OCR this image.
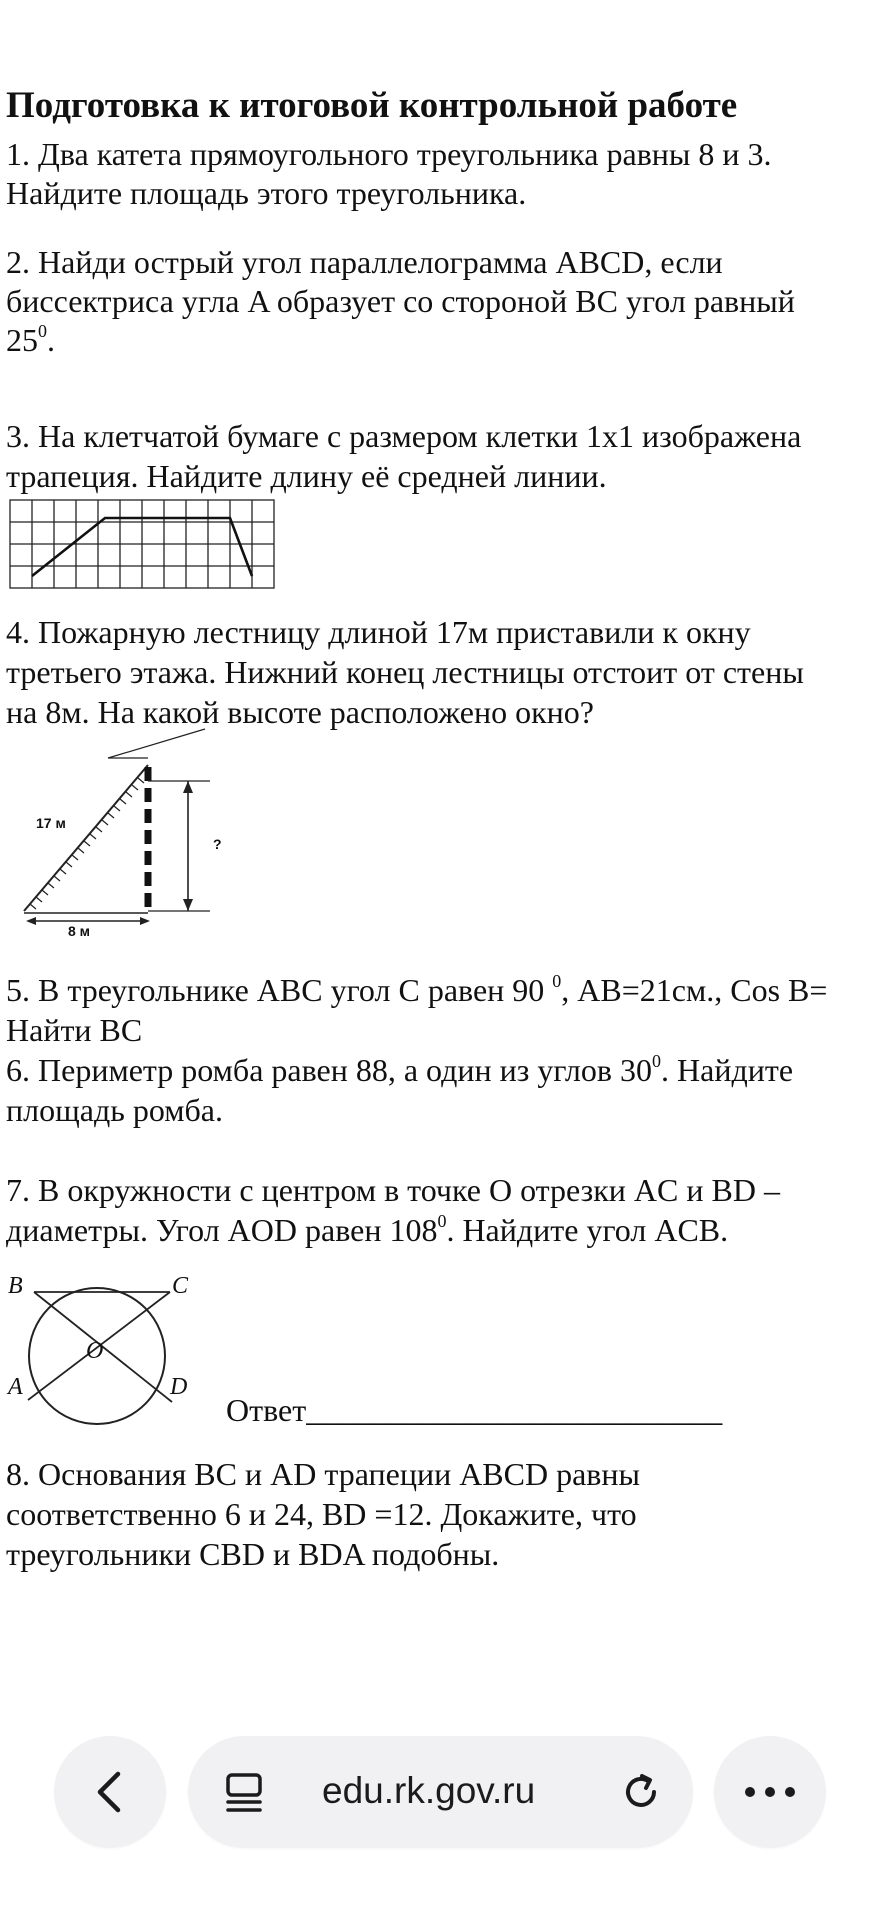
Подготовка к итоговой контрольной работе
1. Два катета прямоугольного треугольника равны 8 и 3.
Найдите площадь этого треугольника.
2. Найди острый угол параллелограмма ABCD, если
биссектриса угла A образует со стороной BC угол равный
$25^0$.
3. На клетчатой бумаге с размером клетки 1x1 изображена
трапеция. Найдите длину её средней линии.
4. Пожарную лестницу длиной 17м приставили к окну
третьего этажа. Нижний конец лестницы отстоит от стены
на 8м. На какой высоте расположено окно?
17 м
8 м
?
5. В треугольнике ABC угол C равен 90 $^0$, AB=21см., Cos B=
Найти BC
6. Периметр ромба равен 88, а один из углов $30^0$. Найдите
площадь ромба.
7. В окружности с центром в точке O отрезки AC и BD –
диаметры. Угол AOD равен $108^0$. Найдите угол ACB.
B	C
O
A	D
Ответ__________________________
8. Основания BC и AD трапеции ABCD равны
соответственно 6 и 24, BD =12. Докажите, что
треугольники CBD и BDA подобны.
edu.rk.gov.ru
